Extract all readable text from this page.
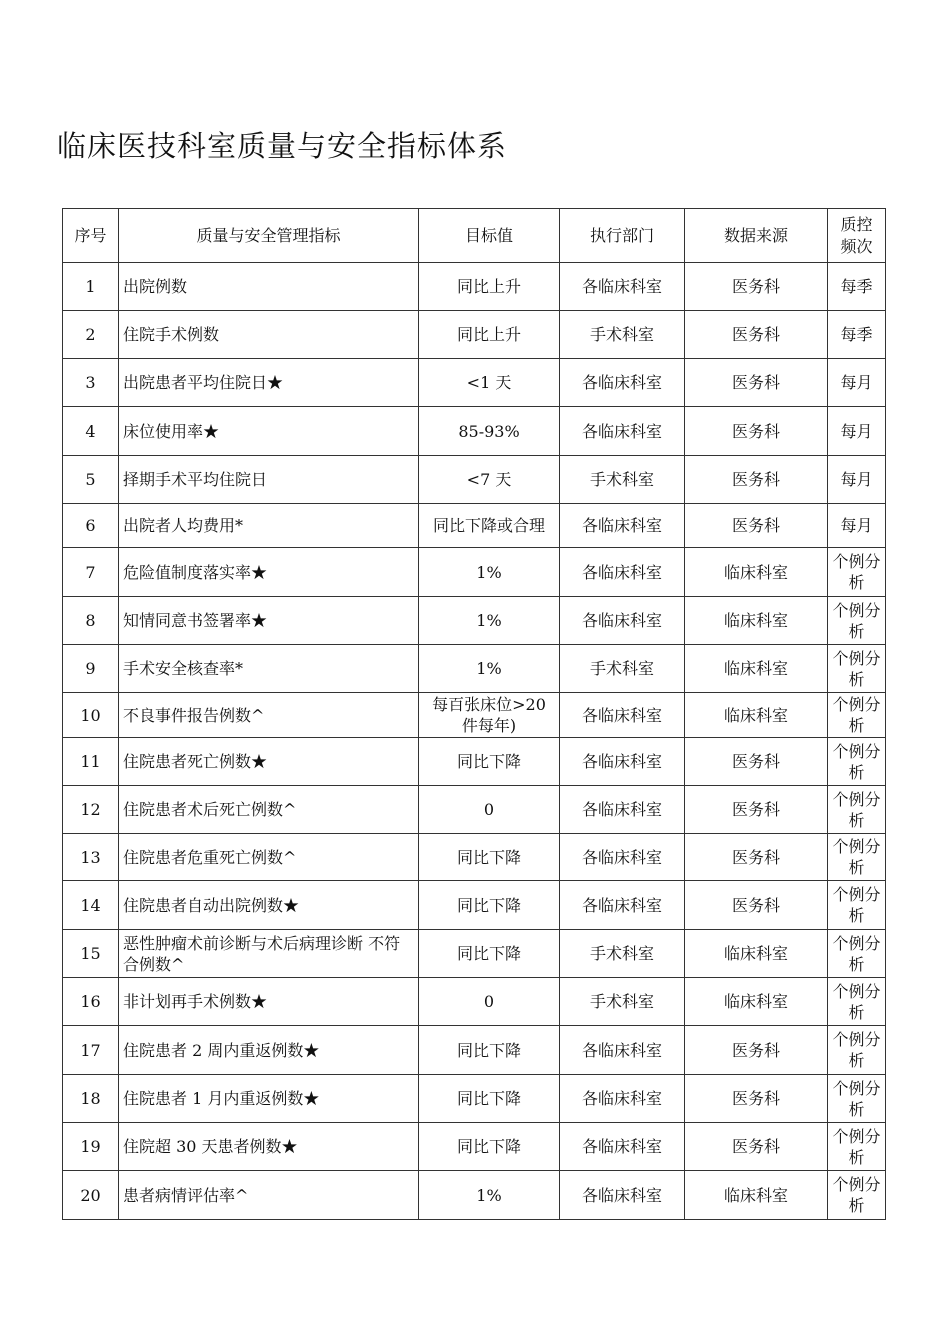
临床医技科室质量与安全指标体系
序号	质量与安全管理指标	目标值	执行部门	数据来源	质控频次
1	出院例数	同比上升	各临床科室	医务科	每季
2	住院手术例数	同比上升	手术科室	医务科	每季
3	出院患者平均住院日★	<1 天	各临床科室	医务科	每月
4	床位使用率★	85-93%	各临床科室	医务科	每月
5	择期手术平均住院日	<7 天	手术科室	医务科	每月
6	出院者人均费用*	同比下降或合理	各临床科室	医务科	每月
7	危险值制度落实率★	1%	各临床科室	临床科室	个例分析
8	知情同意书签署率★	1%	各临床科室	临床科室	个例分析
9	手术安全核查率*	1%	手术科室	临床科室	个例分析
10	不良事件报告例数^	每百张床位>20件每年)	各临床科室	临床科室	个例分析
11	住院患者死亡例数★	同比下降	各临床科室	医务科	个例分析
12	住院患者术后死亡例数^	0	各临床科室	医务科	个例分析
13	住院患者危重死亡例数^	同比下降	各临床科室	医务科	个例分析
14	住院患者自动出院例数★	同比下降	各临床科室	医务科	个例分析
15	恶性肿瘤术前诊断与术后病理诊断 不符合例数^	同比下降	手术科室	临床科室	个例分析
16	非计划再手术例数★	0	手术科室	临床科室	个例分析
17	住院患者 2 周内重返例数★	同比下降	各临床科室	医务科	个例分析
18	住院患者 1 月内重返例数★	同比下降	各临床科室	医务科	个例分析
19	住院超 30 天患者例数★	同比下降	各临床科室	医务科	个例分析
20	患者病情评估率^	1%	各临床科室	临床科室	个例分析
